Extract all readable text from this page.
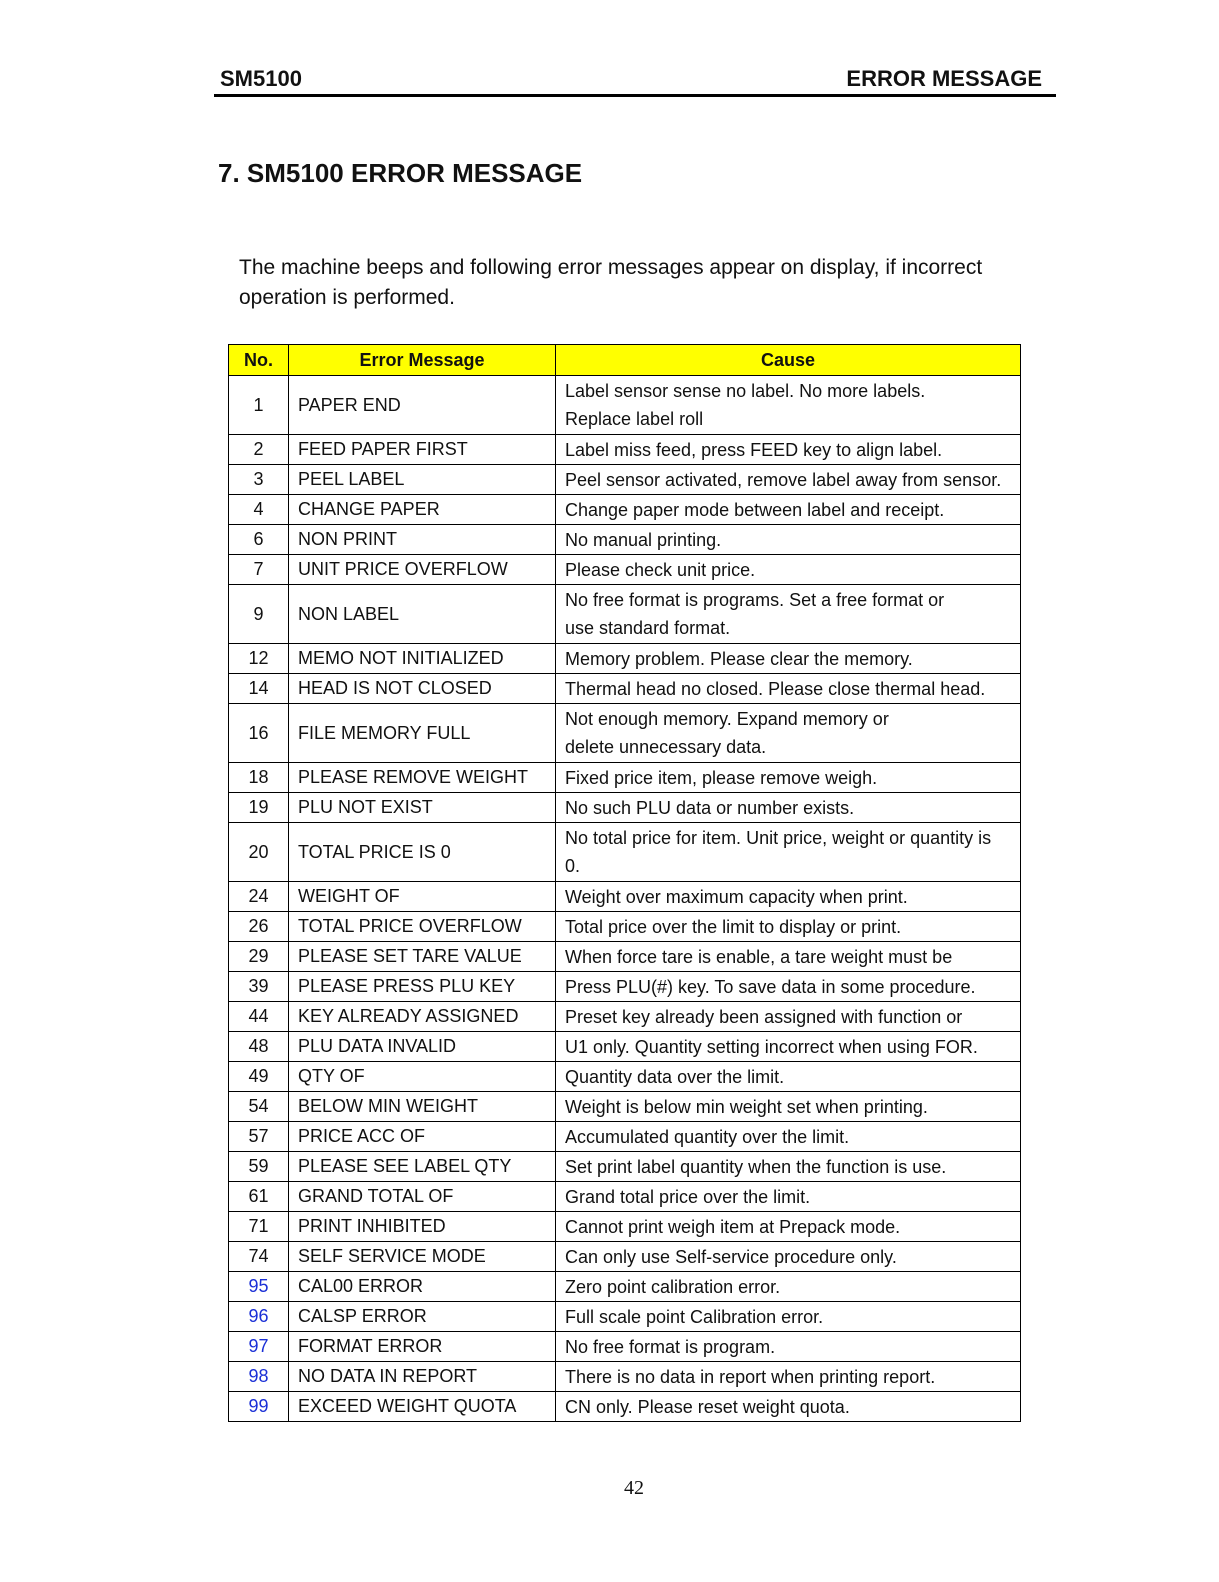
SM5100	ERROR MESSAGE
7. SM5100 ERROR MESSAGE

The machine beeps and following error messages appear on display, if incorrect operation is performed.

No.	Error Message	Cause
1	PAPER END	Label sensor sense no label. No more labels.
Replace label roll
2	FEED PAPER FIRST	Label miss feed, press FEED key to align label.
3	PEEL LABEL	Peel sensor activated, remove label away from sensor.
4	CHANGE PAPER	Change paper mode between label and receipt.
6	NON PRINT	No manual printing.
7	UNIT PRICE OVERFLOW	Please check unit price.
9	NON LABEL	No free format is programs. Set a free format or
use standard format.
12	MEMO NOT INITIALIZED	Memory problem. Please clear the memory.
14	HEAD IS NOT CLOSED	Thermal head no closed. Please close thermal head.
16	FILE MEMORY FULL	Not enough memory. Expand memory or
delete unnecessary data.
18	PLEASE REMOVE WEIGHT	Fixed price item, please remove weigh.
19	PLU NOT EXIST	No such PLU data or number exists.
20	TOTAL PRICE IS 0	No total price for item. Unit price, weight or quantity is
0.
24	WEIGHT OF	Weight over maximum capacity when print.
26	TOTAL PRICE OVERFLOW	Total price over the limit to display or print.
29	PLEASE SET TARE VALUE	When force tare is enable, a tare weight must be
39	PLEASE PRESS PLU KEY	Press PLU(#) key. To save data in some procedure.
44	KEY ALREADY ASSIGNED	Preset key already been assigned with function or
48	PLU DATA INVALID	U1 only. Quantity setting incorrect when using FOR.
49	QTY OF	Quantity data over the limit.
54	BELOW MIN WEIGHT	Weight is below min weight set when printing.
57	PRICE ACC OF	Accumulated quantity over the limit.
59	PLEASE SEE LABEL QTY	Set print label quantity when the function is use.
61	GRAND TOTAL OF	Grand total price over the limit.
71	PRINT INHIBITED	Cannot print weigh item at Prepack mode.
74	SELF SERVICE MODE	Can only use Self-service procedure only.
95	CAL00 ERROR	Zero point calibration error.
96	CALSP ERROR	Full scale point Calibration error.
97	FORMAT ERROR	No free format is program.
98	NO DATA IN REPORT	There is no data in report when printing report.
99	EXCEED WEIGHT QUOTA	CN only. Please reset weight quota.
42
